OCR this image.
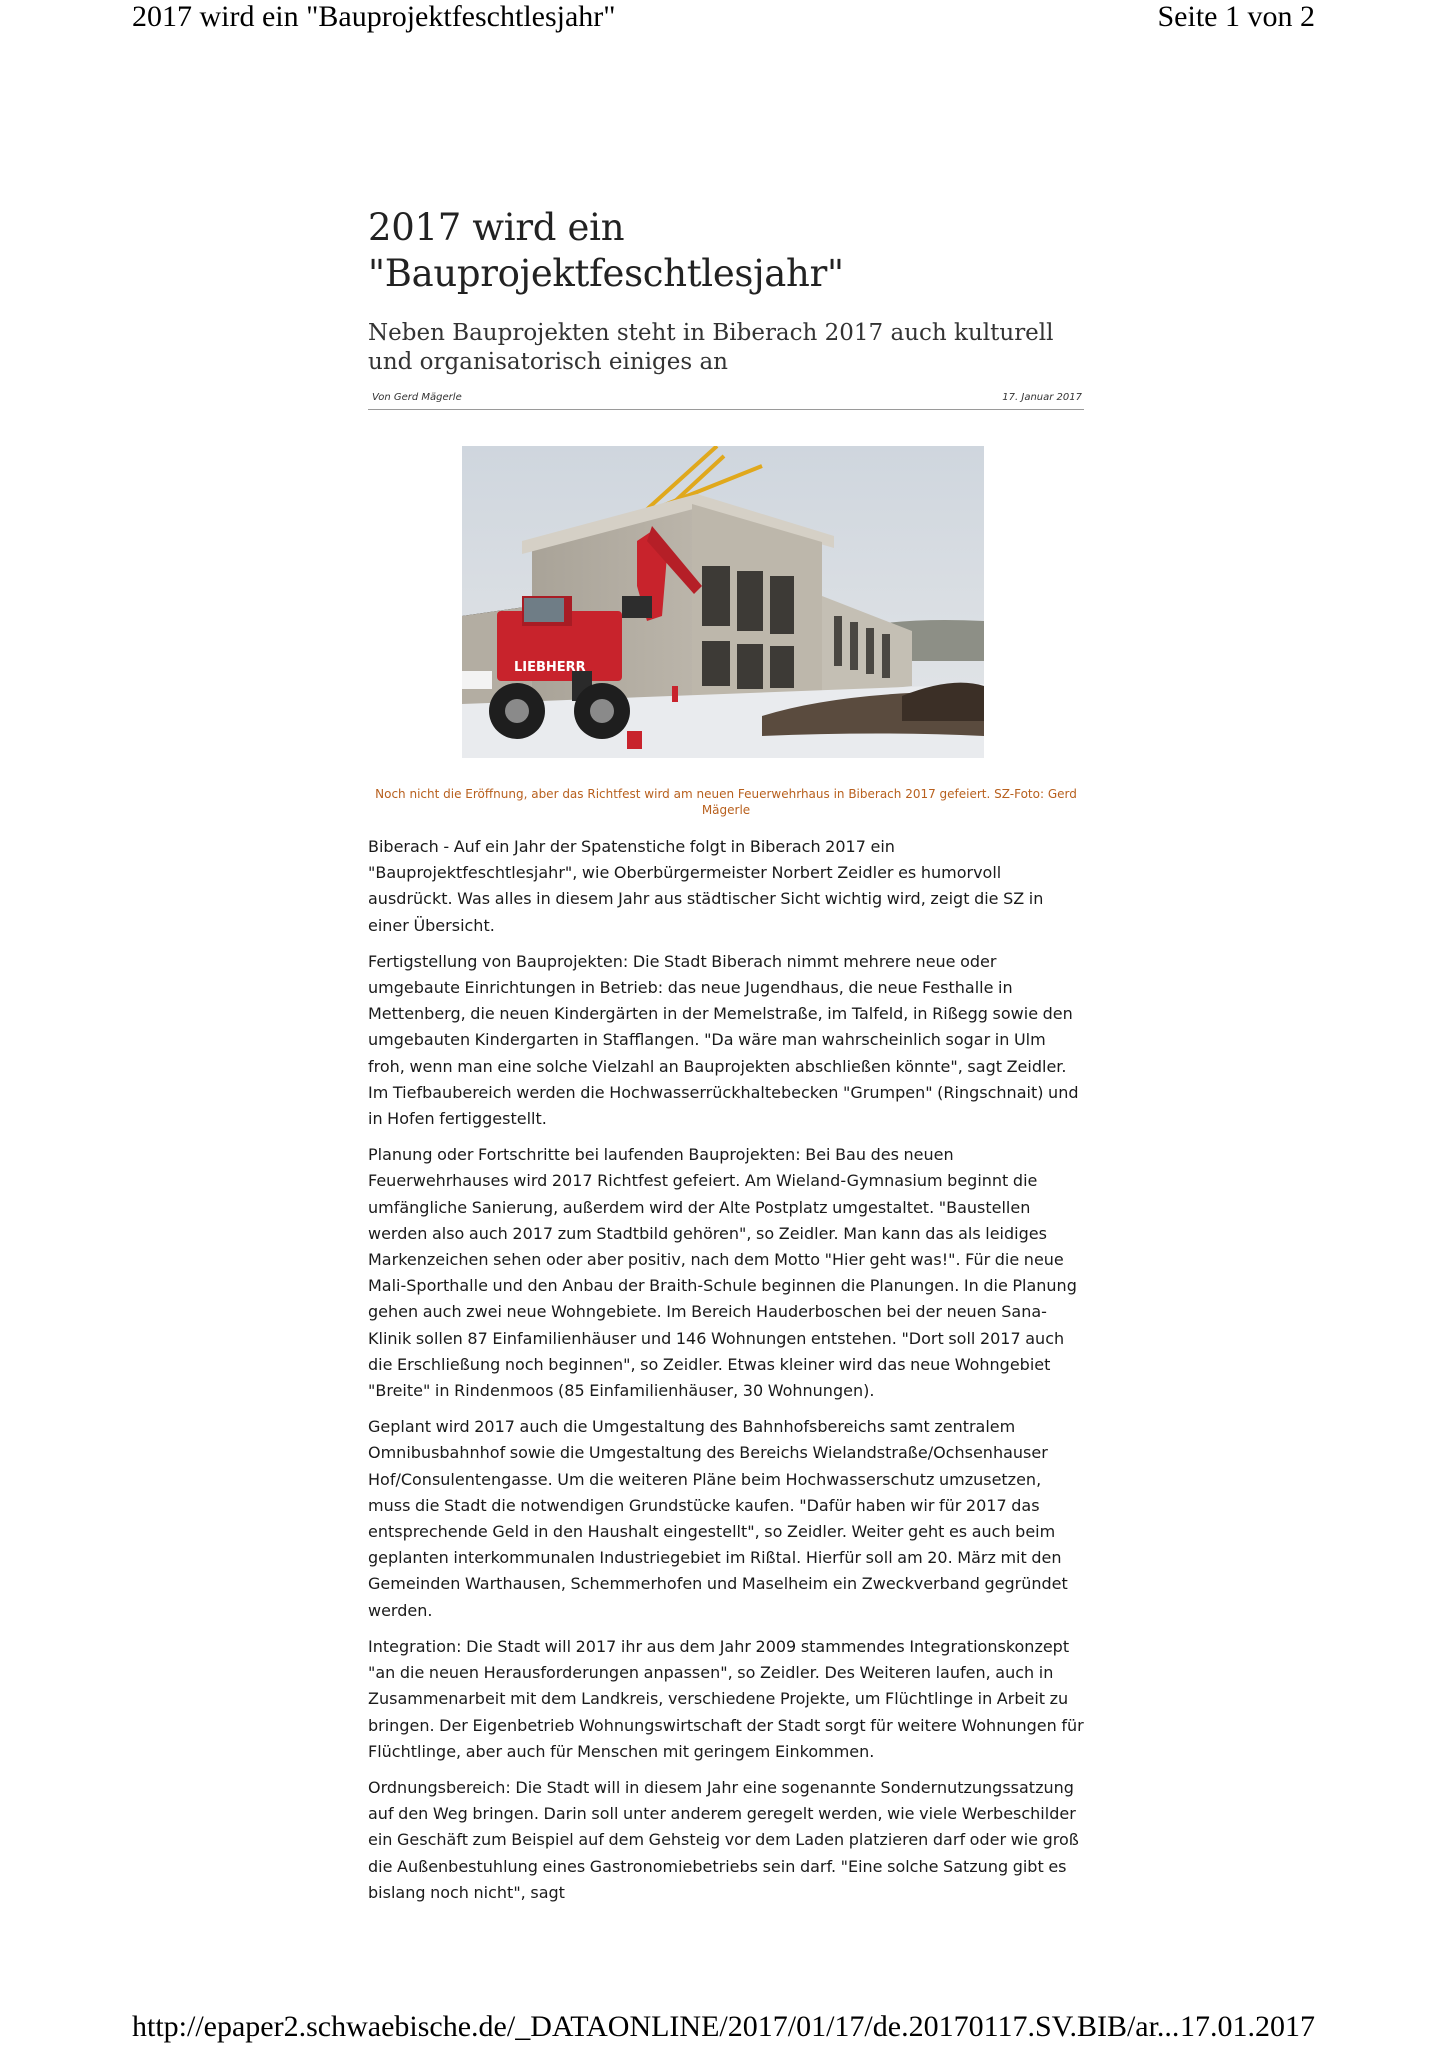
2017 wird ein "Bauprojektfeschtlesjahr"	Seite 1 von 2
2017 wird ein "Bauprojektfeschtlesjahr"
Neben Bauprojekten steht in Biberach 2017 auch kulturell und organisatorisch einiges an
Von Gerd Mägerle	17. Januar 2017
LIEBHERR
Noch nicht die Eröffnung, aber das Richtfest wird am neuen Feuerwehrhaus in Biberach 2017 gefeiert. SZ-Foto: Gerd Mägerle

Biberach - Auf ein Jahr der Spatenstiche folgt in Biberach 2017 ein "Bauprojektfeschtlesjahr", wie Oberbürgermeister Norbert Zeidler es humorvoll ausdrückt. Was alles in diesem Jahr aus städtischer Sicht wichtig wird, zeigt die SZ in einer Übersicht.

Fertigstellung von Bauprojekten: Die Stadt Biberach nimmt mehrere neue oder umgebaute Einrichtungen in Betrieb: das neue Jugendhaus, die neue Festhalle in Mettenberg, die neuen Kindergärten in der Memelstraße, im Talfeld, in Rißegg sowie den umgebauten Kindergarten in Stafflangen. "Da wäre man wahrscheinlich sogar in Ulm froh, wenn man eine solche Vielzahl an Bauprojekten abschließen könnte", sagt Zeidler. Im Tiefbaubereich werden die Hochwasserrückhaltebecken "Grumpen" (Ringschnait) und in Hofen fertiggestellt.

Planung oder Fortschritte bei laufenden Bauprojekten: Bei Bau des neuen Feuerwehrhauses wird 2017 Richtfest gefeiert. Am Wieland-Gymnasium beginnt die umfängliche Sanierung, außerdem wird der Alte Postplatz umgestaltet. "Baustellen werden also auch 2017 zum Stadtbild gehören", so Zeidler. Man kann das als leidiges Markenzeichen sehen oder aber positiv, nach dem Motto "Hier geht was!". Für die neue Mali-Sporthalle und den Anbau der Braith-Schule beginnen die Planungen. In die Planung gehen auch zwei neue Wohngebiete. Im Bereich Hauderboschen bei der neuen Sana-Klinik sollen 87 Einfamilienhäuser und 146 Wohnungen entstehen. "Dort soll 2017 auch die Erschließung noch beginnen", so Zeidler. Etwas kleiner wird das neue Wohngebiet "Breite" in Rindenmoos (85 Einfamilienhäuser, 30 Wohnungen).

Geplant wird 2017 auch die Umgestaltung des Bahnhofsbereichs samt zentralem Omnibusbahnhof sowie die Umgestaltung des Bereichs Wielandstraße/Ochsenhauser Hof/Consulentengasse. Um die weiteren Pläne beim Hochwasserschutz umzusetzen, muss die Stadt die notwendigen Grundstücke kaufen. "Dafür haben wir für 2017 das entsprechende Geld in den Haushalt eingestellt", so Zeidler. Weiter geht es auch beim geplanten interkommunalen Industriegebiet im Rißtal. Hierfür soll am 20. März mit den Gemeinden Warthausen, Schemmerhofen und Maselheim ein Zweckverband gegründet werden.

Integration: Die Stadt will 2017 ihr aus dem Jahr 2009 stammendes Integrationskonzept "an die neuen Herausforderungen anpassen", so Zeidler. Des Weiteren laufen, auch in Zusammenarbeit mit dem Landkreis, verschiedene Projekte, um Flüchtlinge in Arbeit zu bringen. Der Eigenbetrieb Wohnungswirtschaft der Stadt sorgt für weitere Wohnungen für Flüchtlinge, aber auch für Menschen mit geringem Einkommen.

Ordnungsbereich: Die Stadt will in diesem Jahr eine sogenannte Sondernutzungssatzung auf den Weg bringen. Darin soll unter anderem geregelt werden, wie viele Werbeschilder ein Geschäft zum Beispiel auf dem Gehsteig vor dem Laden platzieren darf oder wie groß die Außenbestuhlung eines Gastronomiebetriebs sein darf. "Eine solche Satzung gibt es bislang noch nicht", sagt

http://epaper2.schwaebische.de/_DATAONLINE/2017/01/17/de.20170117.SV.BIB/ar... 17.01.2017
